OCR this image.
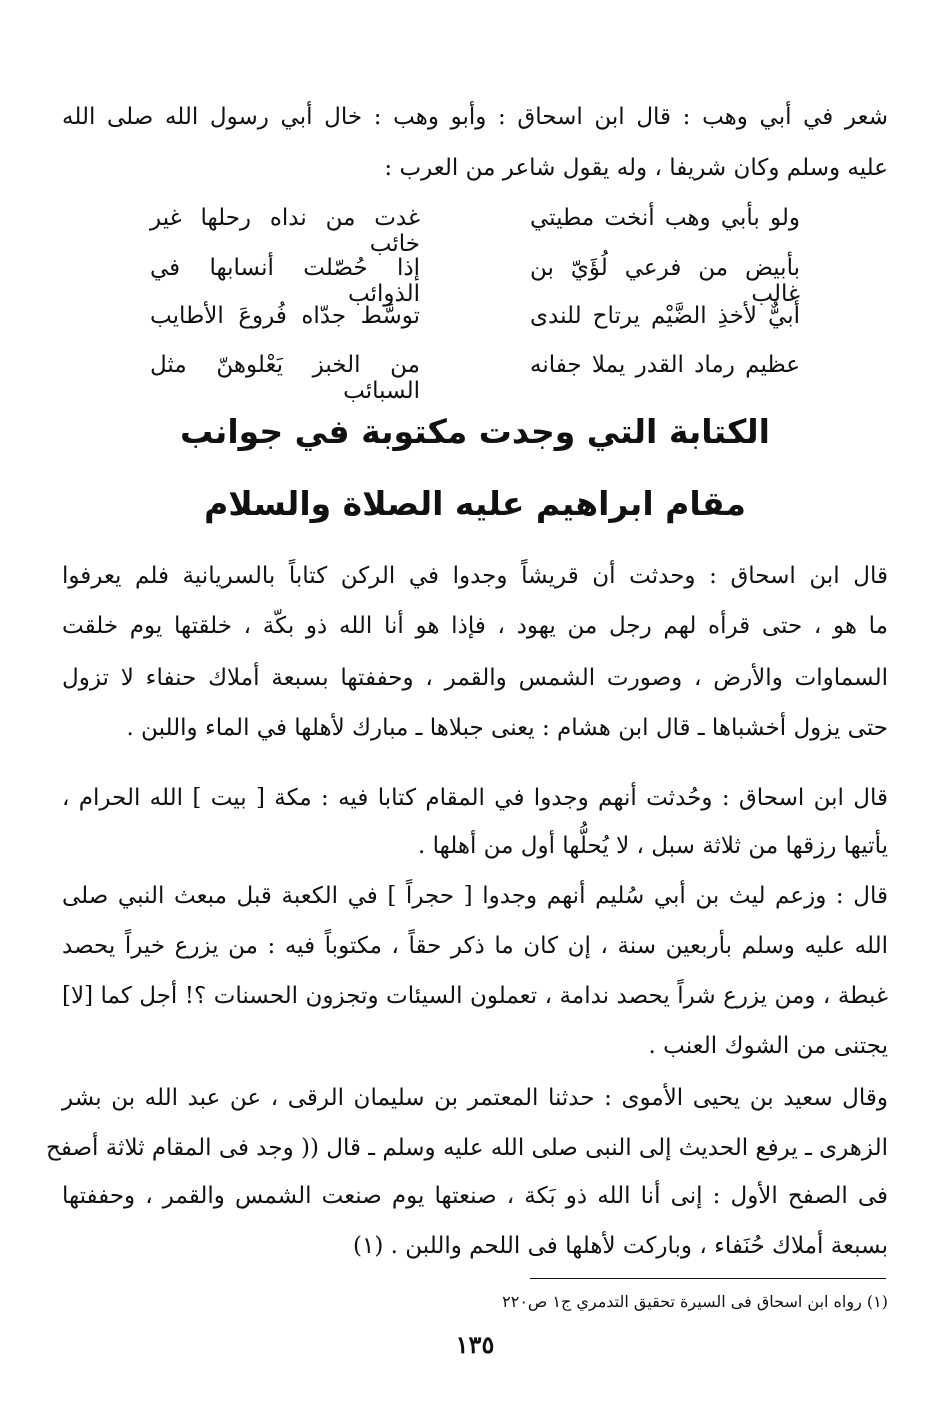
شعر في أبي وهب : قال ابن اسحاق : وأبو وهب : خال أبي رسول الله صلى الله
عليه وسلم وكان شريفا ، وله يقول شاعر من العرب :
ولو بأبي وهب أنخت مطيتي
غدت من نداه رحلها غير خائب
بأبيض من فرعي لُؤَيّ بن غالب
إذا حُصّلت أنسابها في الذوائب
أبيٌّ لأخذِ الضَّيْم يرتاح للندى
توسَّط جدّاه فُروعَ الأطايب
عظيم رماد القدر يملا جفانه
من الخبز يَعْلوهنّ مثل السبائب
الكتابة التي وجدت مكتوبة في جوانب
مقام ابراهيم عليه الصلاة والسلام
قال ابن اسحاق : وحدثت أن قريشاً وجدوا في الركن كتاباً بالسريانية فلم يعرفوا
ما هو ، حتى قرأه لهم رجل من يهود ، فإذا هو أنا الله ذو بكّة ، خلقتها يوم خلقت
السماوات والأرض ، وصورت الشمس والقمر ، وحففتها بسبعة أملاك حنفاء لا تزول
حتى يزول أخشباها ـ قال ابن هشام : يعنى جبلاها ـ مبارك لأهلها في الماء واللبن .
قال ابن اسحاق : وحُدثت أنهم وجدوا في المقام كتابا فيه : مكة [ بيت ] الله الحرام ،
يأتيها رزقها من ثلاثة سبل ، لا يُحلُّها أول من أهلها .
قال : وزعم ليث بن أبي سُليم أنهم وجدوا [ حجراً ] في الكعبة قبل مبعث النبي صلى
الله عليه وسلم بأربعين سنة ، إن كان ما ذكر حقاً ، مكتوباً فيه : من يزرع خيراً يحصد
غبطة ، ومن يزرع شراً يحصد ندامة ، تعملون السيئات وتجزون الحسنات ؟! أجل كما [لا]
يجتنى من الشوك العنب .
وقال سعيد بن يحيى الأموى : حدثنا المعتمر بن سليمان الرقى ، عن عبد الله بن بشر
الزهرى ـ يرفع الحديث إلى النبى صلى الله عليه وسلم ـ قال (( وجد فى المقام ثلاثة أصفح
فى الصفح الأول : إنى أنا الله ذو بَكة ، صنعتها يوم صنعت الشمس والقمر ، وحففتها
بسبعة أملاك حُنَفاء ، وباركت لأهلها فى اللحم واللبن . (١)
(١) رواه ابن اسحاق فى السيرة تحقيق التدمري ج١ ص٢٢٠
١٣٥
